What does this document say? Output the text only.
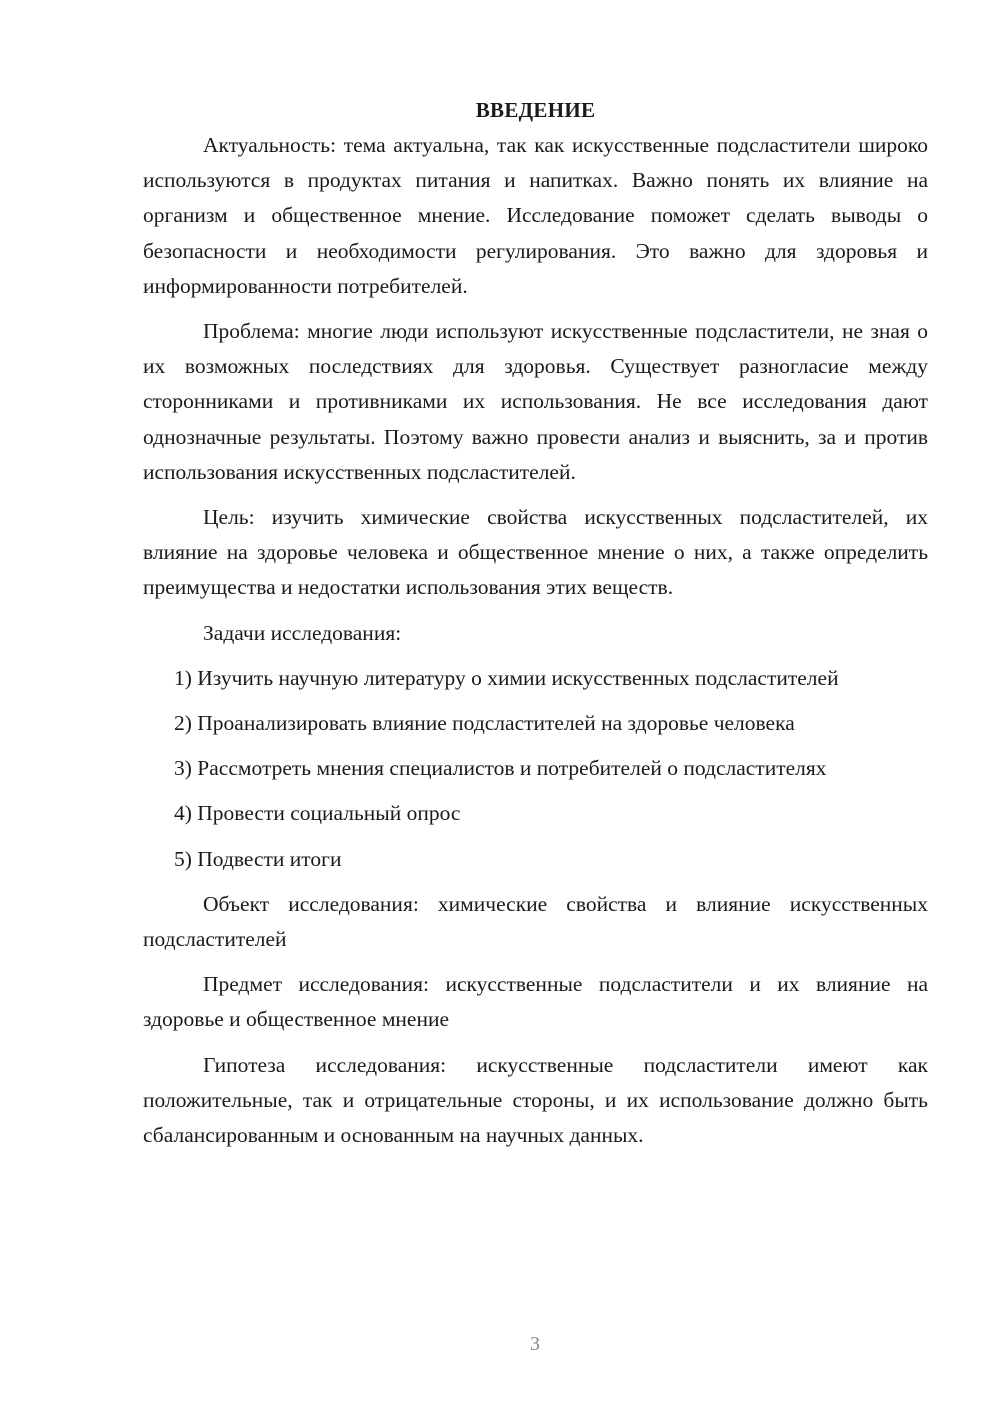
ВВЕДЕНИЕ

Актуальность: тема актуальна, так как искусственные подсластители широко используются в продуктах питания и напитках. Важно понять их влияние на организм и общественное мнение. Исследование поможет сделать выводы о безопасности и необходимости регулирования. Это важно для здоровья и информированности потребителей.

Проблема: многие люди используют искусственные подсластители, не зная о их возможных последствиях для здоровья. Существует разногласие между сторонниками и противниками их использования. Не все исследования дают однозначные результаты. Поэтому важно провести анализ и выяснить, за и против использования искусственных подсластителей.

Цель: изучить химические свойства искусственных подсластителей, их влияние на здоровье человека и общественное мнение о них, а также определить преимущества и недостатки использования этих веществ.

Задачи исследования:

1) Изучить научную литературу о химии искусственных подсластителей

2) Проанализировать влияние подсластителей на здоровье человека

3) Рассмотреть мнения специалистов и потребителей о подсластителях

4) Провести социальный опрос

5) Подвести итоги

Объект исследования: химические свойства и влияние искусственных подсластителей

Предмет исследования: искусственные подсластители и их влияние на здоровье и общественное мнение

Гипотеза исследования: искусственные подсластители имеют как положительные, так и отрицательные стороны, и их использование должно быть сбалансированным и основанным на научных данных.

3
